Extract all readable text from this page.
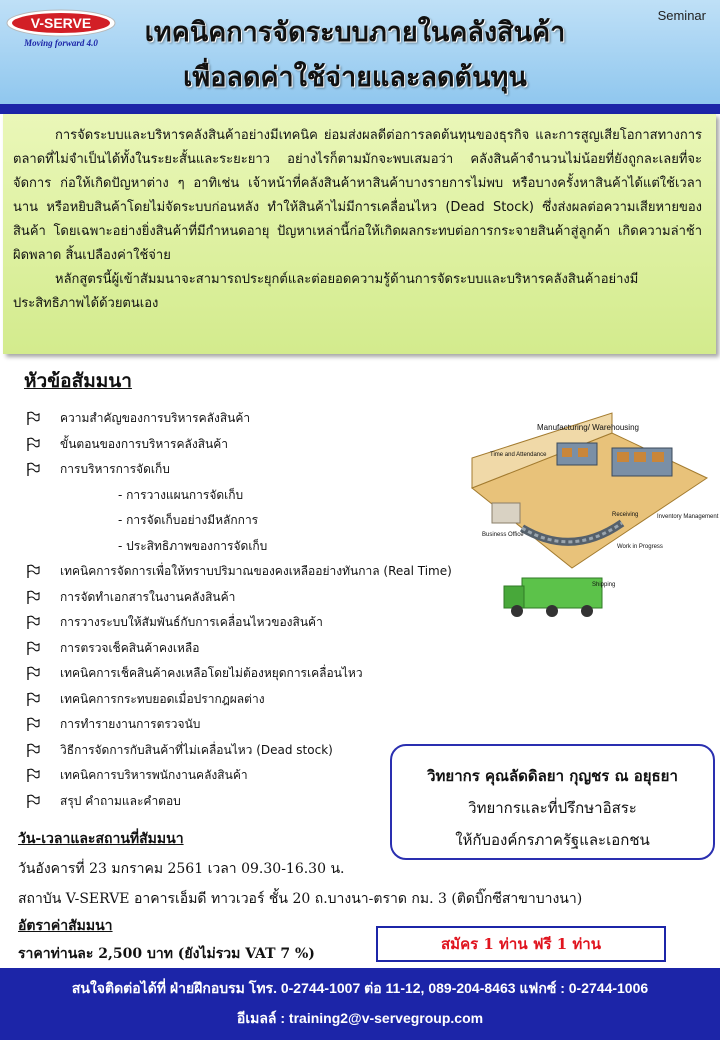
V-SERVE
Moving forward 4.0	เทคนิคการจัดระบบภายในคลังสินค้า
เพื่อลดค่าใช้จ่ายและลดต้นทุน
Seminar

การจัดระบบและบริหารคลังสินค้าอย่างมีเทคนิค ย่อมส่งผลดีต่อการลดต้นทุนของธุรกิจ และการสูญเสียโอกาสทางการตลาดที่ไม่จำเป็นได้ทั้งในระยะสั้นและระยะยาว อย่างไรก็ตามมักจะพบเสมอว่า คลังสินค้าจำนวนไม่น้อยที่ยังถูกละเลยที่จะจัดการ ก่อให้เกิดปัญหาต่าง ๆ อาทิเช่น เจ้าหน้าที่คลังสินค้าหาสินค้าบางรายการไม่พบ หรือบางครั้งหาสินค้าได้แต่ใช้เวลานาน หรือหยิบสินค้าโดยไม่จัดระบบก่อนหลัง ทำให้สินค้าไม่มีการเคลื่อนไหว (Dead Stock) ซึ่งส่งผลต่อความเสียหายของสินค้า โดยเฉพาะอย่างยิ่งสินค้าที่มีกำหนดอายุ ปัญหาเหล่านี้ก่อให้เกิดผลกระทบต่อการกระจายสินค้าสู่ลูกค้า เกิดความล่าช้า ผิดพลาด สิ้นเปลืองค่าใช้จ่าย

หลักสูตรนี้ผู้เข้าสัมมนาจะสามารถประยุกต์และต่อยอดความรู้ด้านการจัดระบบและบริหารคลังสินค้าอย่างมีประสิทธิภาพได้ด้วยตนเอง

หัวข้อสัมมนา
ความสำคัญของการบริหารคลังสินค้า
ขั้นตอนของการบริหารคลังสินค้า
การบริหารการจัดเก็บ
- การวางแผนการจัดเก็บ
- การจัดเก็บอย่างมีหลักการ
- ประสิทธิภาพของการจัดเก็บ
เทคนิคการจัดการเพื่อให้ทราบปริมาณของคงเหลืออย่างทันกาล (Real Time)
การจัดทำเอกสารในงานคลังสินค้า
การวางระบบให้สัมพันธ์กับการเคลื่อนไหวของสินค้า
การตรวจเช็คสินค้าคงเหลือ
เทคนิคการเช็คสินค้าคงเหลือโดยไม่ต้องหยุดการเคลื่อนไหว
เทคนิคการกระทบยอดเมื่อปรากฎผลต่าง
การทำรายงานการตรวจนับ
วิธีการจัดการกับสินค้าที่ไม่เคลื่อนไหว (Dead stock)
เทคนิคการบริหารพนักงานคลังสินค้า
สรุป คำถามและคำตอบ
Manufacturing/ Warehousing
Time and Attendance
Receiving	Inventory Management
Business Office
Work in Progress
Shipping
วิทยากร คุณลัดดิลยา กุญชร ณ อยุธยา
วิทยากรและที่ปรึกษาอิสระ
ให้กับองค์กรภาครัฐและเอกชน
วัน-เวลาและสถานที่สัมมนา
วันอังคารที่ 23 มกราคม 2561 เวลา 09.30-16.30 น.
สถาบัน V-SERVE อาคารเอ็มดี ทาวเวอร์ ชั้น 20 ถ.บางนา-ตราด กม. 3 (ติดบิ๊กซีสาขาบางนา)
อัตราค่าสัมมนา
ราคาท่านละ 2,500 บาท (ยังไม่รวม VAT 7 %)
สมัคร 1 ท่าน ฟรี 1 ท่าน
สนใจติดต่อได้ที่ ฝ่ายฝึกอบรม โทร. 0-2744-1007 ต่อ 11-12, 089-204-8463 แฟกซ์ : 0-2744-1006
อีเมลล์ : training2@v-servegroup.com
